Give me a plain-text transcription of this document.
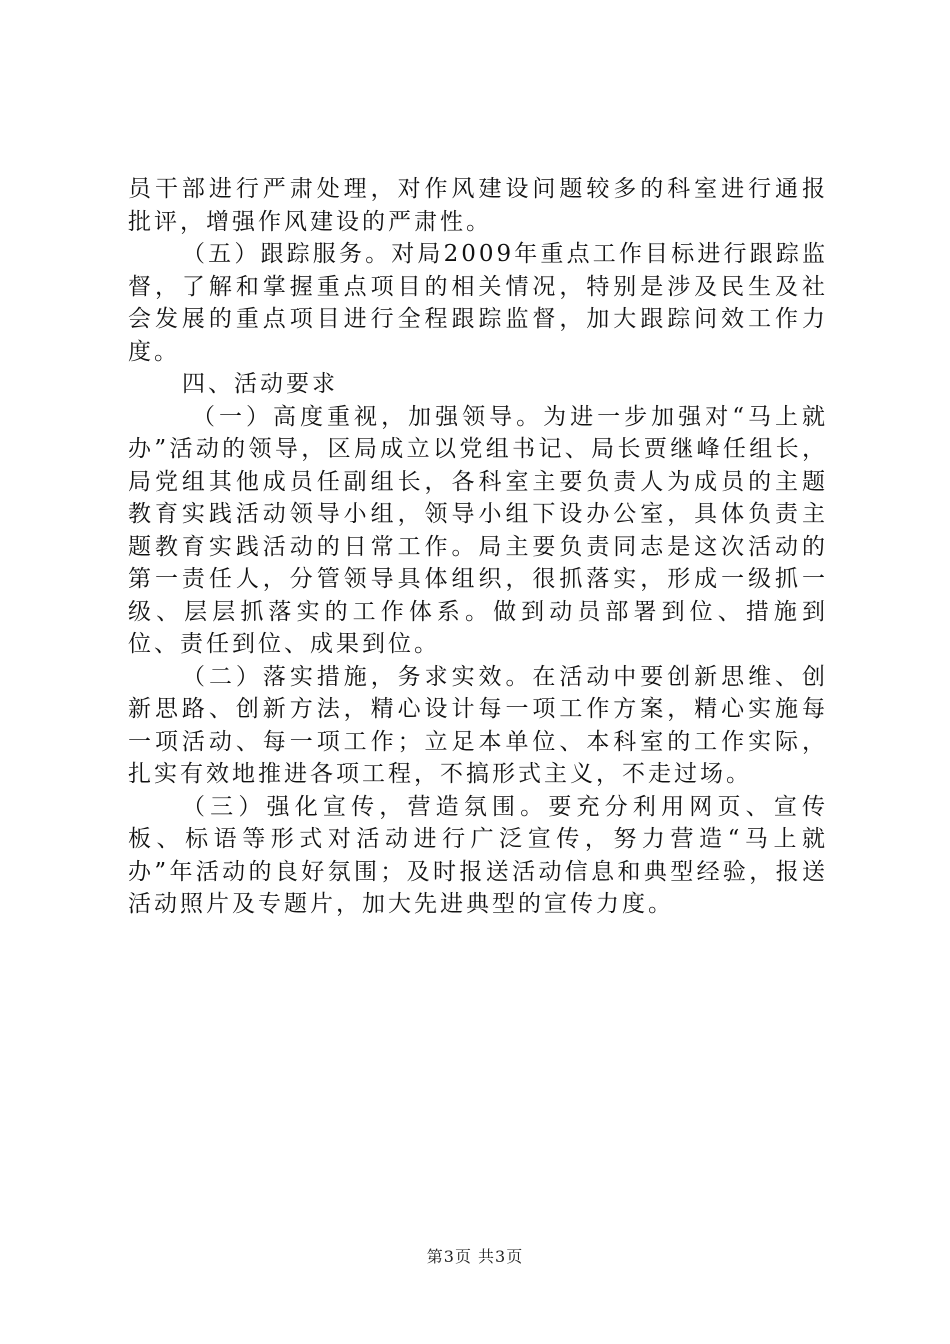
员干部进行严肃处理，对作风建设问题较多的科室进行通报批评，增强作风建设的严肃性。

（五）跟踪服务。对局2009年重点工作目标进行跟踪监督，了解和掌握重点项目的相关情况，特别是涉及民生及社会发展的重点项目进行全程跟踪监督，加大跟踪问效工作力度。

四、活动要求

（一）高度重视，加强领导。为进一步加强对“马上就办”活动的领导，区局成立以党组书记、局长贾继峰任组长，局党组其他成员任副组长，各科室主要负责人为成员的主题教育实践活动领导小组，领导小组下设办公室，具体负责主题教育实践活动的日常工作。局主要负责同志是这次活动的第一责任人，分管领导具体组织，很抓落实，形成一级抓一级、层层抓落实的工作体系。做到动员部署到位、措施到位、责任到位、成果到位。

（二）落实措施，务求实效。在活动中要创新思维、创新思路、创新方法，精心设计每一项工作方案，精心实施每一项活动、每一项工作；立足本单位、本科室的工作实际，扎实有效地推进各项工程，不搞形式主义，不走过场。

（三）强化宣传，营造氛围。要充分利用网页、宣传板、标语等形式对活动进行广泛宣传，努力营造“马上就办”年活动的良好氛围；及时报送活动信息和典型经验，报送活动照片及专题片，加大先进典型的宣传力度。

第3页 共3页
